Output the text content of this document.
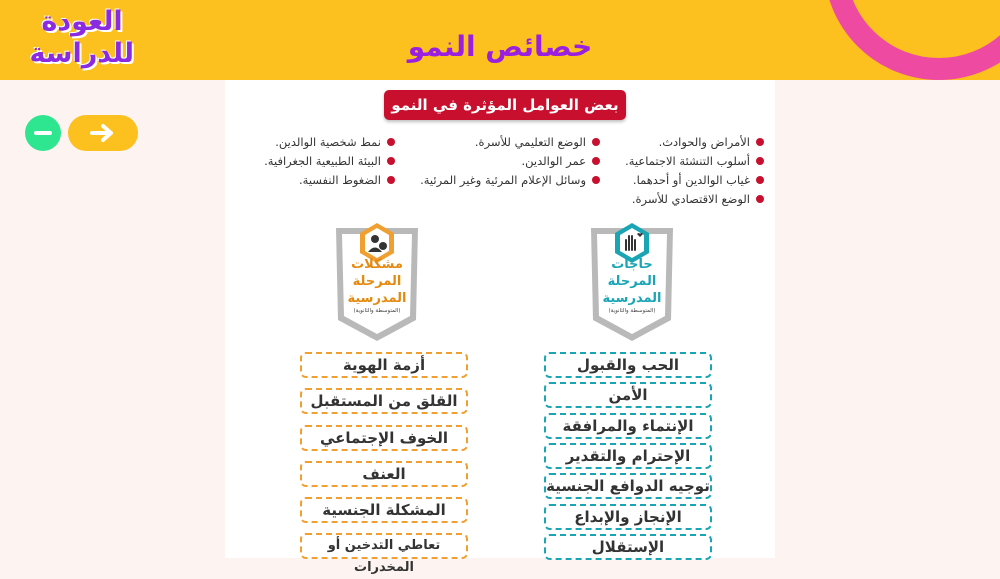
العودة
للدراسة	خصائص النمو
بعض العوامل المؤثرة في النمو
الأمراض والحوادث.
أسلوب التنشئة الاجتماعية.
غياب الوالدين أو أحدهما.
الوضع الاقتصادي للأسرة.
الوضع التعليمي للأسرة.
عمر الوالدين.
وسائل الإعلام المرئية وغير المرئية.
نمط شخصية الوالدين.
البيئة الطبيعية الجغرافية.
الضغوط النفسية.
مشكلات
المرحلة
المدرسية
(المتوسطة والثانوية)
حاجات
المرحلة
المدرسية
(المتوسطة والثانوية)
أزمة الهوية
القلق من المستقبل
الخوف الإجتماعي
العنف
المشكلة الجنسية
تعاطي التدخين أو المخدرات
الحب والقبول
الأمن
الإنتماء والمرافقة
الإحترام والتقدير
توجيه الدوافع الجنسية
الإنجاز والإبداع
الإستقلال
